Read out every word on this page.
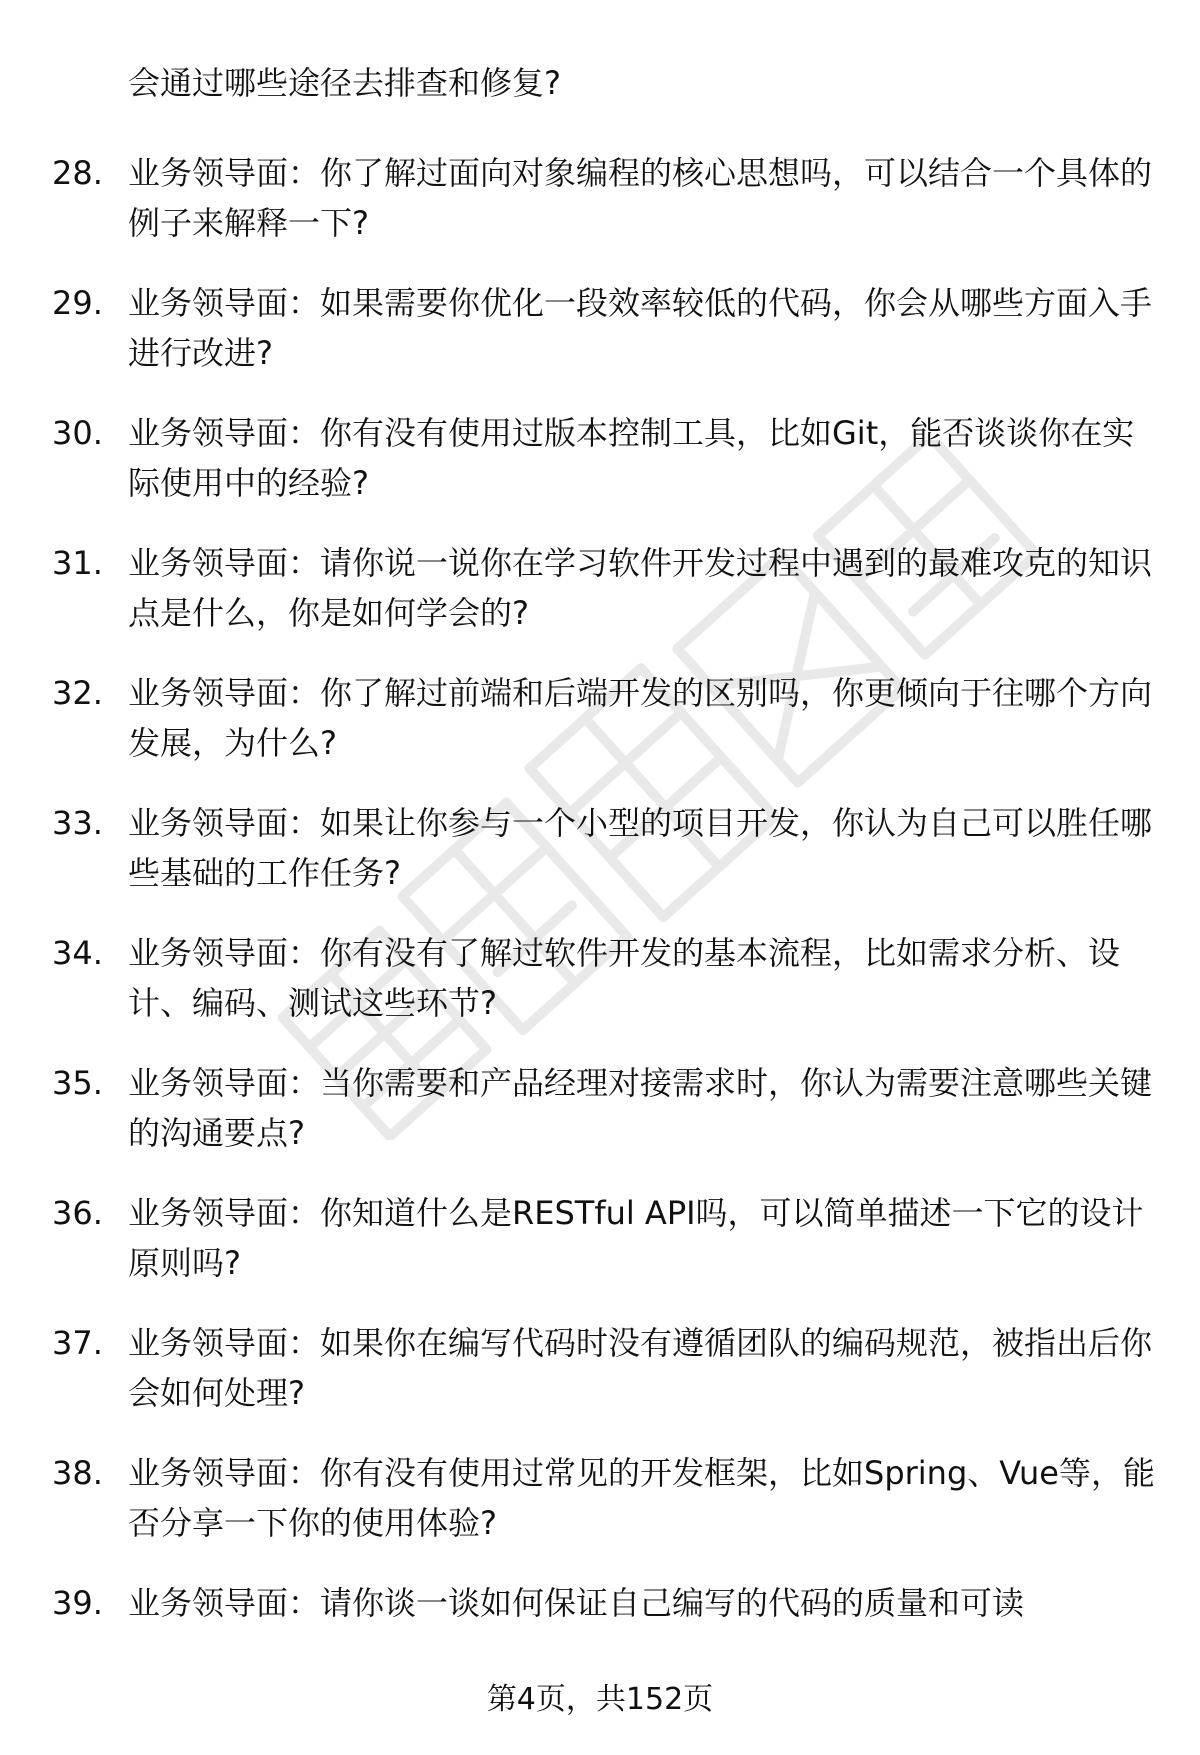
会通过哪些途径去排查和修复?
28. 业务领导面：你了解过面向对象编程的核心思想吗，可以结合一个具体的例子来解释一下?
29. 业务领导面：如果需要你优化一段效率较低的代码，你会从哪些方面入手进行改进?
30. 业务领导面：你有没有使用过版本控制工具，比如Git，能否谈谈你在实际使用中的经验?
31. 业务领导面：请你说一说你在学习软件开发过程中遇到的最难攻克的知识点是什么，你是如何学会的?
32. 业务领导面：你了解过前端和后端开发的区别吗，你更倾向于往哪个方向发展，为什么?
33. 业务领导面：如果让你参与一个小型的项目开发，你认为自己可以胜任哪些基础的工作任务?
34. 业务领导面：你有没有了解过软件开发的基本流程，比如需求分析、设计、编码、测试这些环节?
35. 业务领导面：当你需要和产品经理对接需求时，你认为需要注意哪些关键的沟通要点?
36. 业务领导面：你知道什么是RESTful API吗，可以简单描述一下它的设计原则吗?
37. 业务领导面：如果你在编写代码时没有遵循团队的编码规范，被指出后你会如何处理?
38. 业务领导面：你有没有使用过常见的开发框架，比如Spring、Vue等，能否分享一下你的使用体验?
39. 业务领导面：请你谈一谈如何保证自己编写的代码的质量和可读
第4页，共152页
